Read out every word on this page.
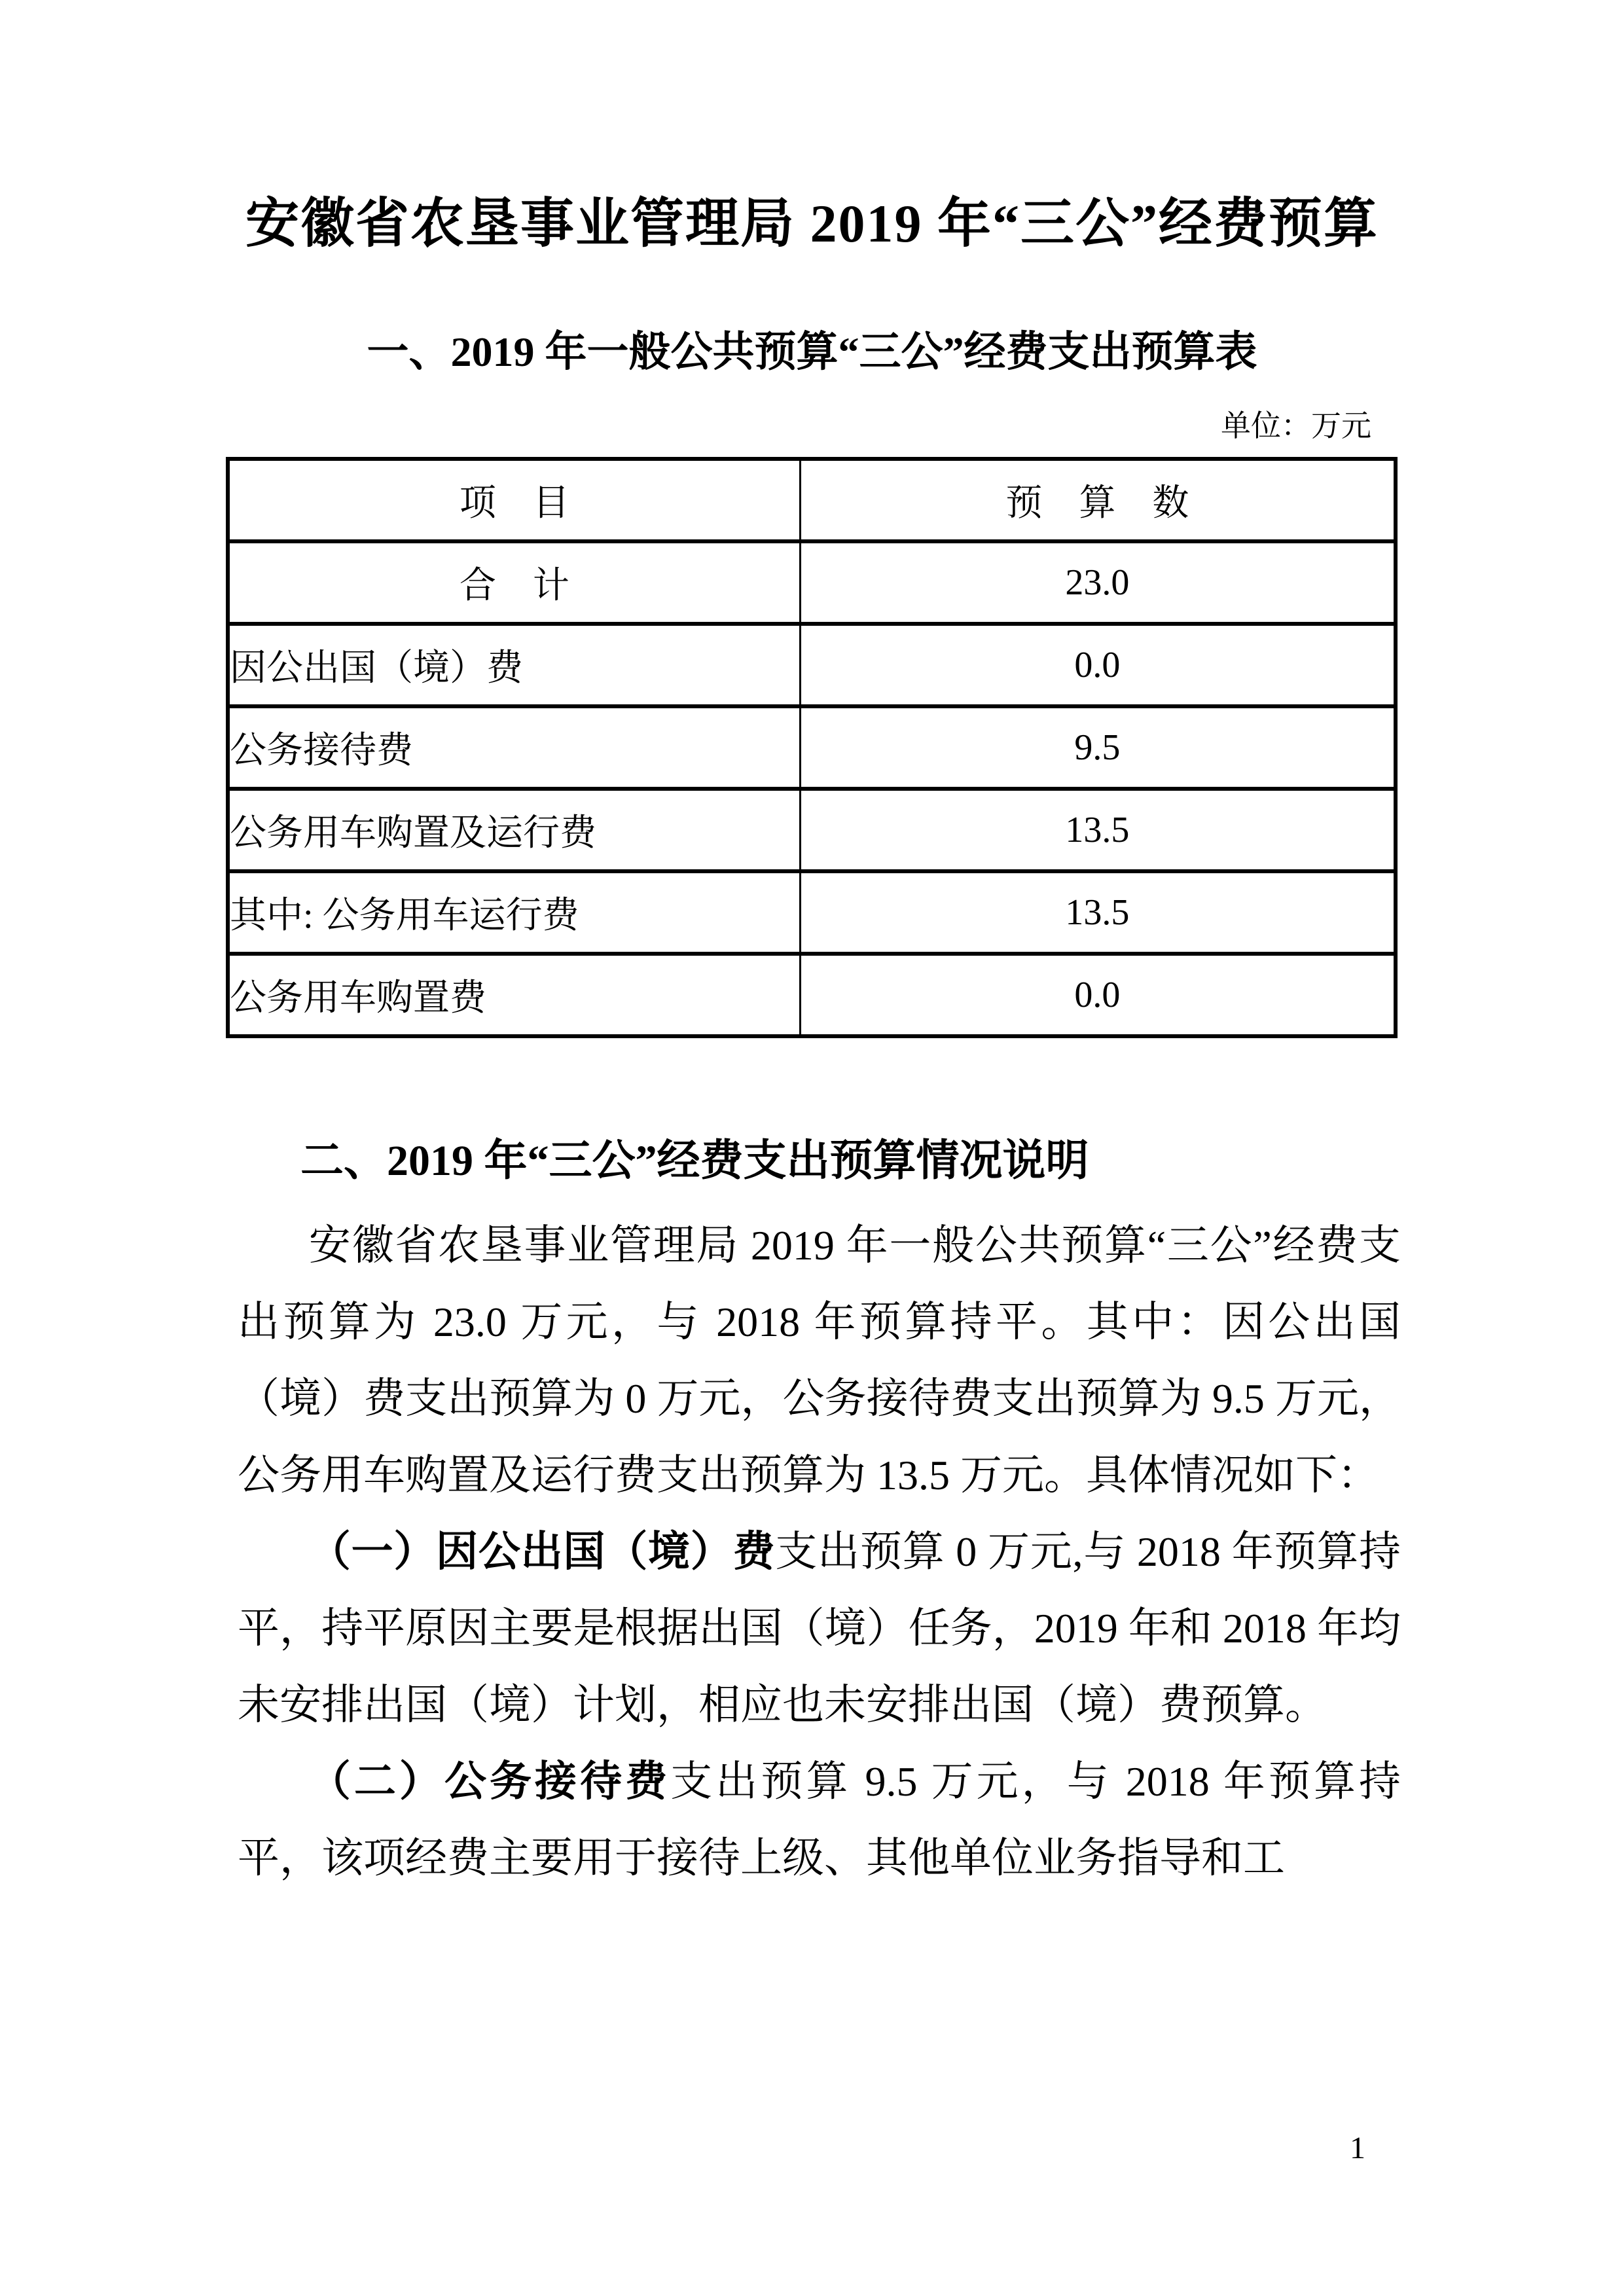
安徽省农垦事业管理局 2019 年“三公”经费预算
一、2019 年一般公共预算“三公”经费支出预算表
单位：万元
项　目	预　算　数
合　计	23.0
因公出国（境）费	0.0
公务接待费	9.5
公务用车购置及运行费	13.5
其中: 公务用车运行费	13.5
公务用车购置费	0.0
二、2019 年“三公”经费支出预算情况说明

安徽省农垦事业管理局 2019 年一般公共预算“三公”经费支出预算为 23.0 万元，与 2018 年预算持平。其中：因公出国（境）费支出预算为 0 万元，公务接待费支出预算为 9.5 万元，公务用车购置及运行费支出预算为 13.5 万元。具体情况如下：

（一）因公出国（境）费支出预算 0 万元,与 2018 年预算持平，持平原因主要是根据出国（境）任务，2019 年和 2018 年均未安排出国（境）计划，相应也未安排出国（境）费预算。

（二）公务接待费支出预算 9.5 万元，与 2018 年预算持平，该项经费主要用于接待上级、其他单位业务指导和工

1
